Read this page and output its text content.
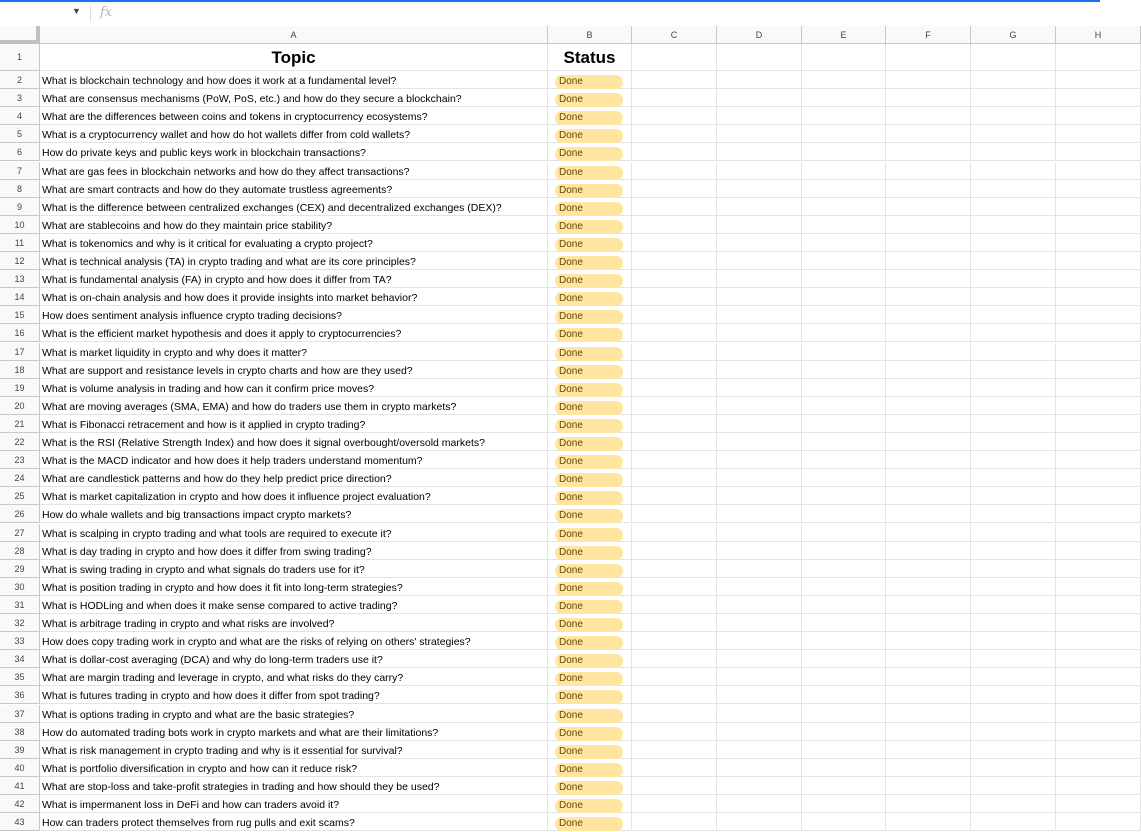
▼ fx
A	B	C	D	E	F	G	H
1	Topic	Status
2	What is blockchain technology and how does it work at a fundamental level?	Done
3	What are consensus mechanisms (PoW, PoS, etc.) and how do they secure a blockchain?	Done
4	What are the differences between coins and tokens in cryptocurrency ecosystems?	Done
5	What is a cryptocurrency wallet and how do hot wallets differ from cold wallets?	Done
6	How do private keys and public keys work in blockchain transactions?	Done
7	What are gas fees in blockchain networks and how do they affect transactions?	Done
8	What are smart contracts and how do they automate trustless agreements?	Done
9	What is the difference between centralized exchanges (CEX) and decentralized exchanges (DEX)?	Done
10	What are stablecoins and how do they maintain price stability?	Done
11	What is tokenomics and why is it critical for evaluating a crypto project?	Done
12	What is technical analysis (TA) in crypto trading and what are its core principles?	Done
13	What is fundamental analysis (FA) in crypto and how does it differ from TA?	Done
14	What is on-chain analysis and how does it provide insights into market behavior?	Done
15	How does sentiment analysis influence crypto trading decisions?	Done
16	What is the efficient market hypothesis and does it apply to cryptocurrencies?	Done
17	What is market liquidity in crypto and why does it matter?	Done
18	What are support and resistance levels in crypto charts and how are they used?	Done
19	What is volume analysis in trading and how can it confirm price moves?	Done
20	What are moving averages (SMA, EMA) and how do traders use them in crypto markets?	Done
21	What is Fibonacci retracement and how is it applied in crypto trading?	Done
22	What is the RSI (Relative Strength Index) and how does it signal overbought/oversold markets?	Done
23	What is the MACD indicator and how does it help traders understand momentum?	Done
24	What are candlestick patterns and how do they help predict price direction?	Done
25	What is market capitalization in crypto and how does it influence project evaluation?	Done
26	How do whale wallets and big transactions impact crypto markets?	Done
27	What is scalping in crypto trading and what tools are required to execute it?	Done
28	What is day trading in crypto and how does it differ from swing trading?	Done
29	What is swing trading in crypto and what signals do traders use for it?	Done
30	What is position trading in crypto and how does it fit into long-term strategies?	Done
31	What is HODLing and when does it make sense compared to active trading?	Done
32	What is arbitrage trading in crypto and what risks are involved?	Done
33	How does copy trading work in crypto and what are the risks of relying on others' strategies?	Done
34	What is dollar-cost averaging (DCA) and why do long-term traders use it?	Done
35	What are margin trading and leverage in crypto, and what risks do they carry?	Done
36	What is futures trading in crypto and how does it differ from spot trading?	Done
37	What is options trading in crypto and what are the basic strategies?	Done
38	How do automated trading bots work in crypto markets and what are their limitations?	Done
39	What is risk management in crypto trading and why is it essential for survival?	Done
40	What is portfolio diversification in crypto and how can it reduce risk?	Done
41	What are stop-loss and take-profit strategies in trading and how should they be used?	Done
42	What is impermanent loss in DeFi and how can traders avoid it?	Done
43	How can traders protect themselves from rug pulls and exit scams?	Done
